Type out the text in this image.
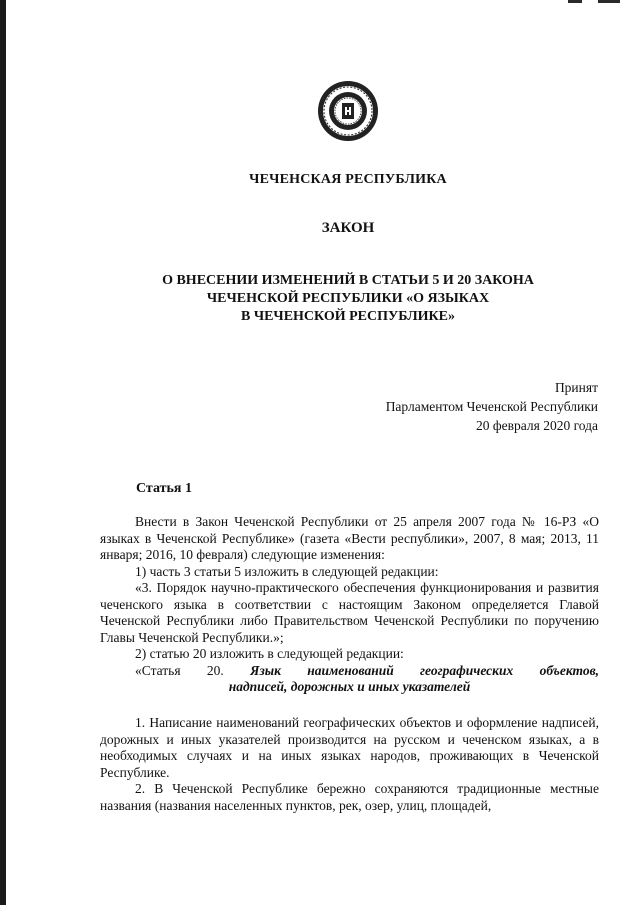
ЧЕЧЕНСКАЯ РЕСПУБЛИКА
ЗАКОН
О ВНЕСЕНИИ ИЗМЕНЕНИЙ В СТАТЬИ 5 И 20 ЗАКОНА
ЧЕЧЕНСКОЙ РЕСПУБЛИКИ «О ЯЗЫКАХ
В ЧЕЧЕНСКОЙ РЕСПУБЛИКЕ»
Принят
Парламентом Чеченской Республики
20 февраля 2020 года
Статья 1

Внести в Закон Чеченской Республики от 25 апреля 2007 года № 16-РЗ «О языках в Чеченской Республике» (газета «Вести республики», 2007, 8 мая; 2013, 11 января; 2016, 10 февраля) следующие изменения:

1) часть 3 статьи 5 изложить в следующей редакции:

«3. Порядок научно-практического обеспечения функционирования и развития чеченского языка в соответствии с настоящим Законом определяется Главой Чеченской Республики либо Правительством Чеченской Республики по поручению Главы Чеченской Республики.»;

2) статью 20 изложить в следующей редакции:

«Статья 20. Язык наименований географических объектов,
надписей, дорожных и иных указателей

1. Написание наименований географических объектов и оформление надписей, дорожных и иных указателей производится на русском и чеченском языках, а в необходимых случаях и на иных языках народов, проживающих в Чеченской Республике.

2. В Чеченской Республике бережно сохраняются традиционные местные названия (названия населенных пунктов, рек, озер, улиц, площадей,
